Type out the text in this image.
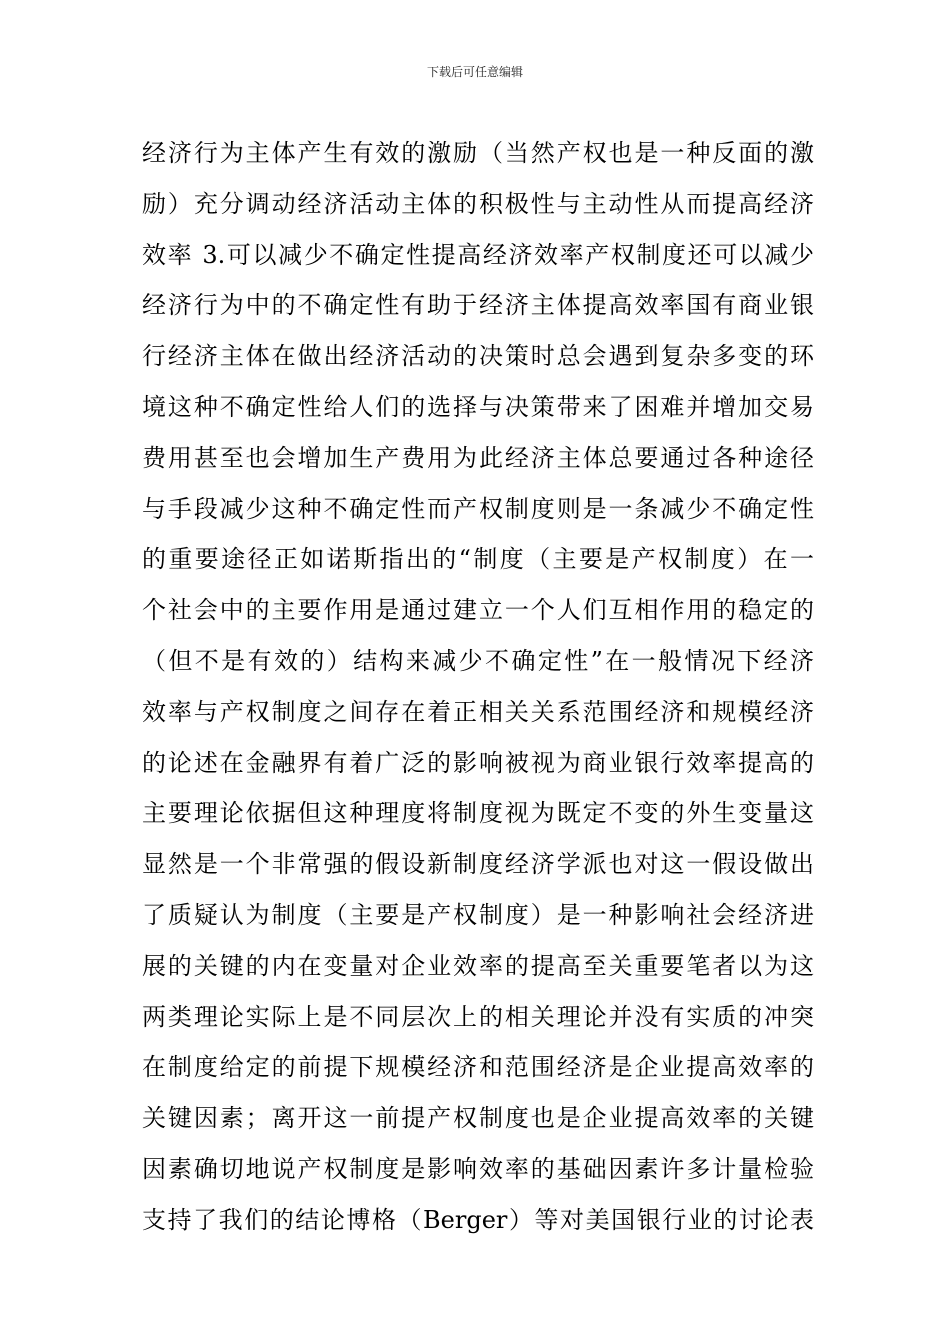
下载后可任意编辑
经济行为主体产生有效的激励（当然产权也是一种反面的激
励）充分调动经济活动主体的积极性与主动性从而提高经济
效率 3.可以减少不确定性提高经济效率产权制度还可以减少
经济行为中的不确定性有助于经济主体提高效率国有商业银
行经济主体在做出经济活动的决策时总会遇到复杂多变的环
境这种不确定性给人们的选择与决策带来了困难并增加交易
费用甚至也会增加生产费用为此经济主体总要通过各种途径
与手段减少这种不确定性而产权制度则是一条减少不确定性
的重要途径正如诺斯指出的“制度（主要是产权制度）在一
个社会中的主要作用是通过建立一个人们互相作用的稳定的
（但不是有效的）结构来减少不确定性”在一般情况下经济
效率与产权制度之间存在着正相关关系范围经济和规模经济
的论述在金融界有着广泛的影响被视为商业银行效率提高的
主要理论依据但这种理度将制度视为既定不变的外生变量这
显然是一个非常强的假设新制度经济学派也对这一假设做出
了质疑认为制度（主要是产权制度）是一种影响社会经济进
展的关键的内在变量对企业效率的提高至关重要笔者以为这
两类理论实际上是不同层次上的相关理论并没有实质的冲突
在制度给定的前提下规模经济和范围经济是企业提高效率的
关键因素；离开这一前提产权制度也是企业提高效率的关键
因素确切地说产权制度是影响效率的基础因素许多计量检验
支持了我们的结论博格（Berger）等对美国银行业的讨论表
